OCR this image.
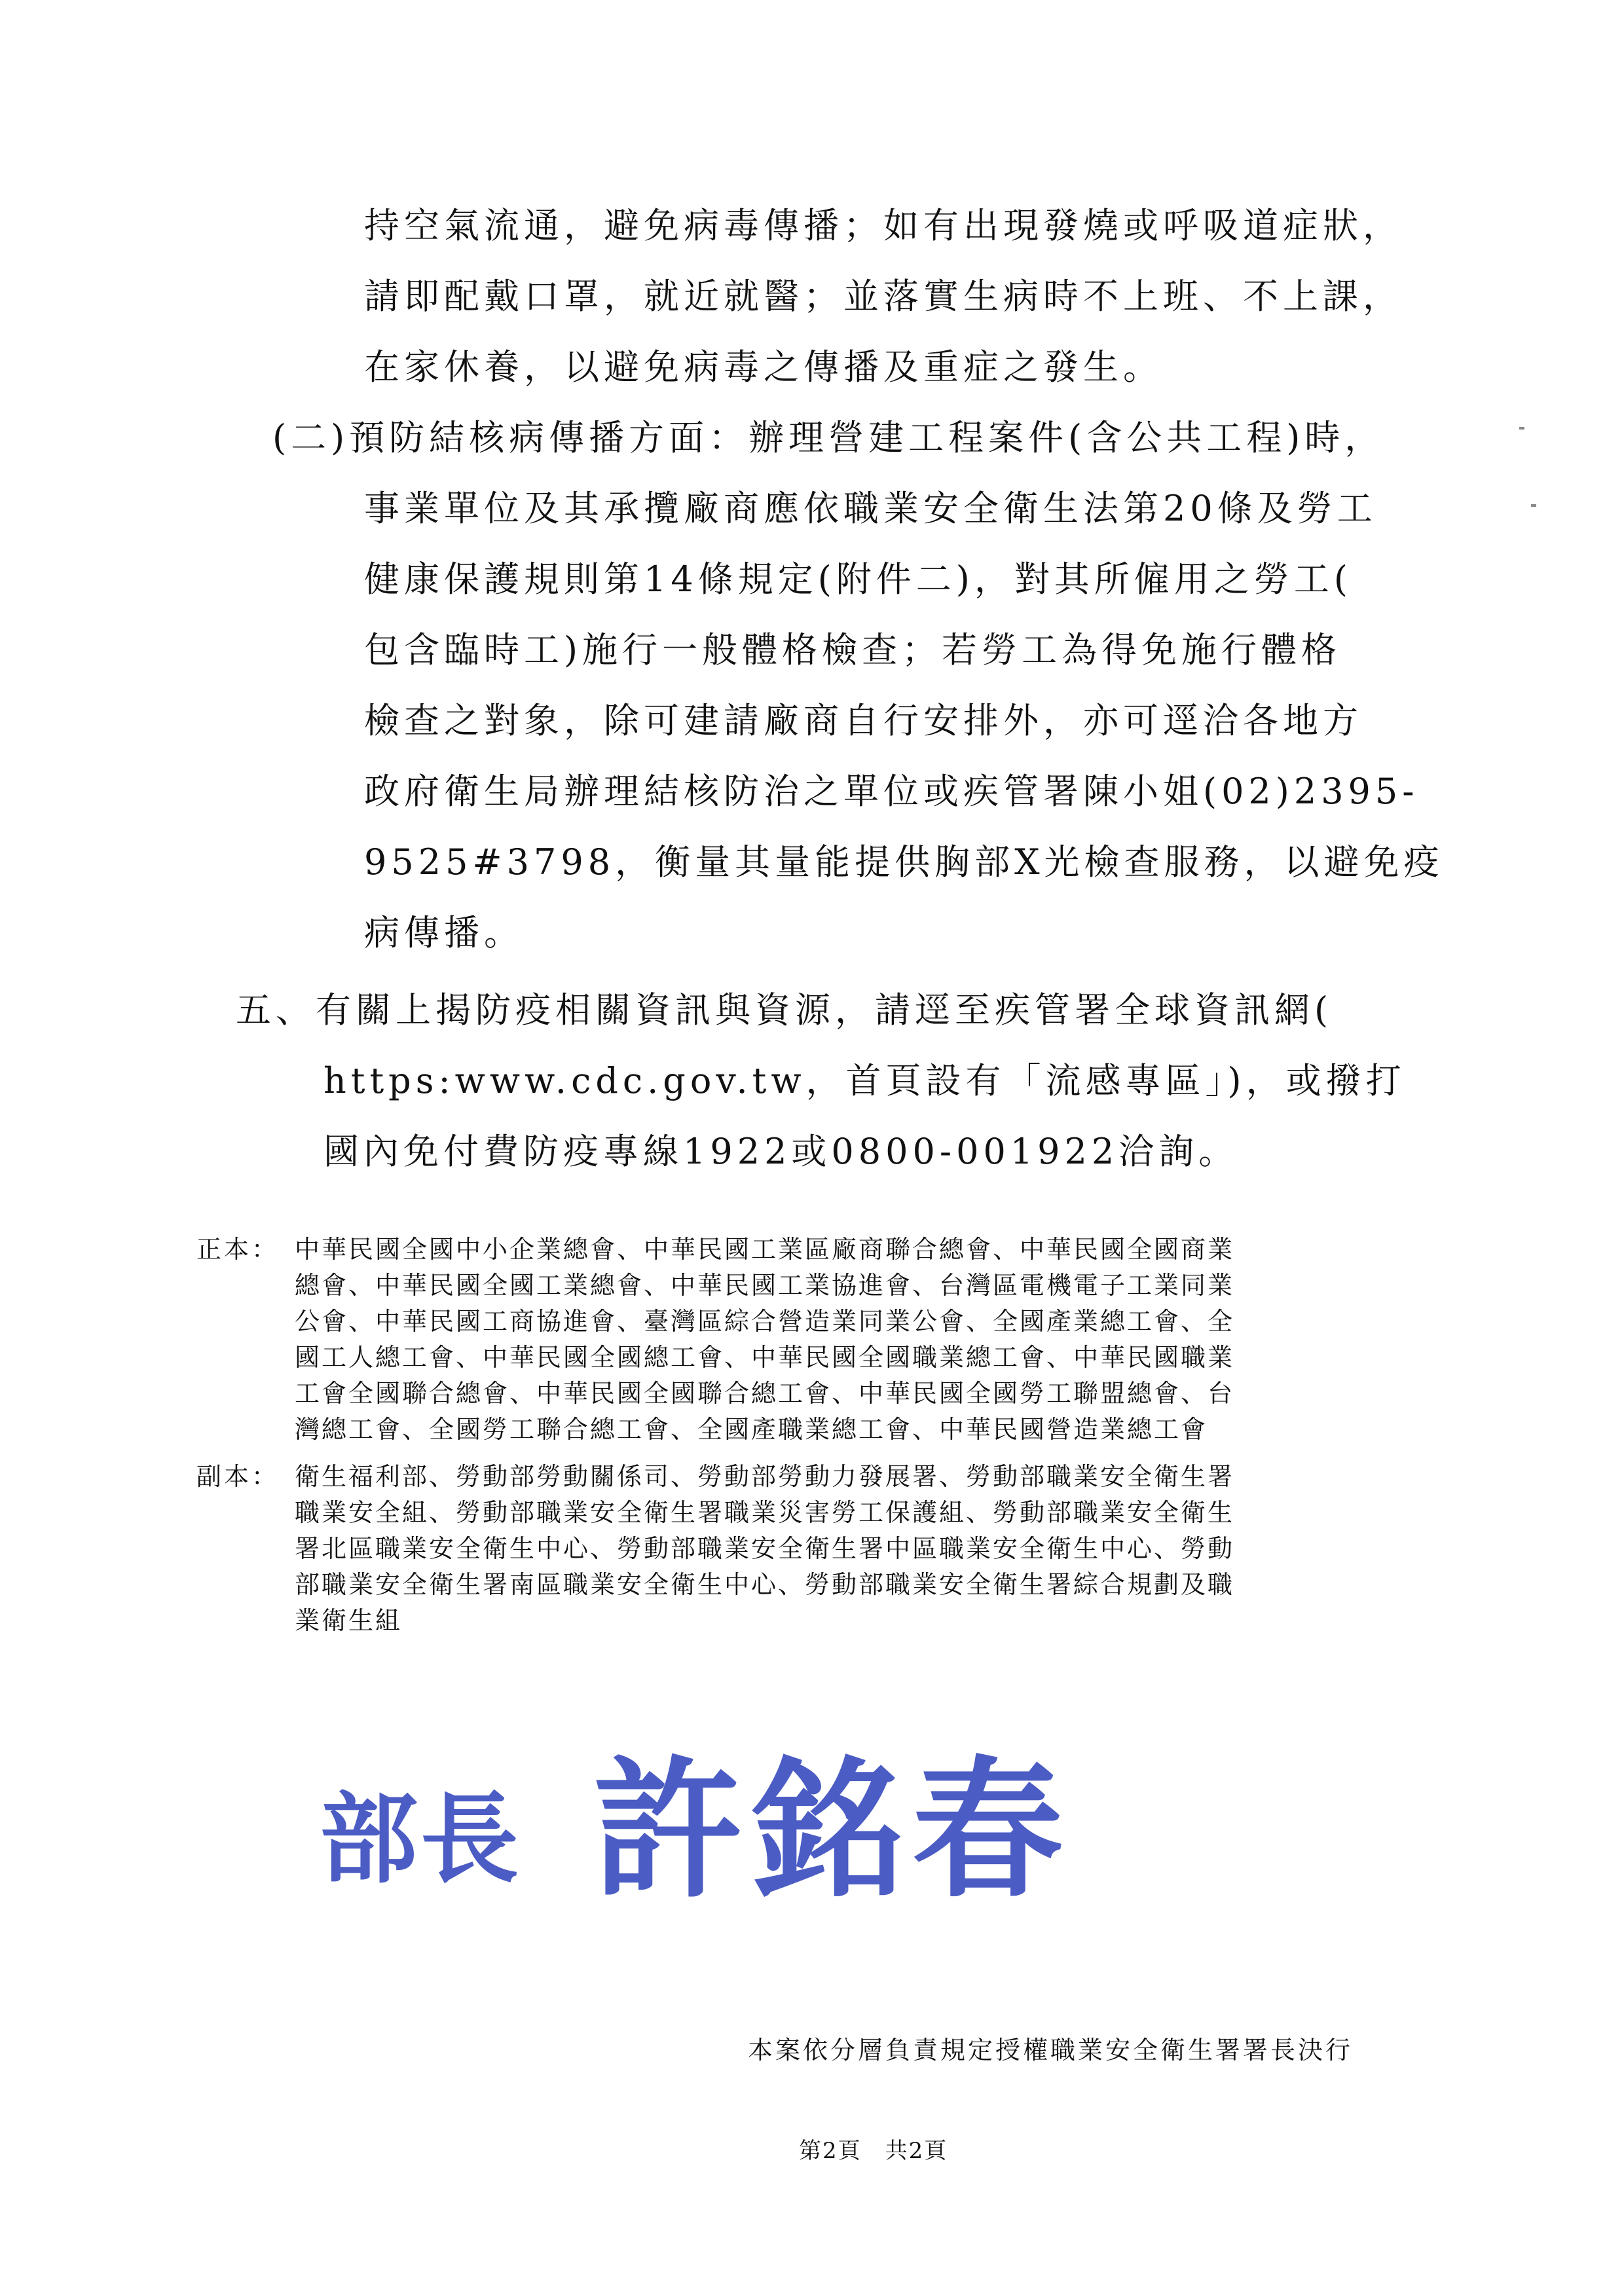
持空氣流通，避免病毒傳播；如有出現發燒或呼吸道症狀，
請即配戴口罩，就近就醫；並落實生病時不上班、不上課，
在家休養，以避免病毒之傳播及重症之發生。
(二)預防結核病傳播方面：辦理營建工程案件(含公共工程)時，
事業單位及其承攬廠商應依職業安全衛生法第20條及勞工
健康保護規則第14條規定(附件二)，對其所僱用之勞工(
包含臨時工)施行一般體格檢查；若勞工為得免施行體格
檢查之對象，除可建請廠商自行安排外，亦可逕洽各地方
政府衛生局辦理結核防治之單位或疾管署陳小姐(02)2395-
9525#3798，衡量其量能提供胸部X光檢查服務，以避免疫
病傳播。
五、有關上揭防疫相關資訊與資源，請逕至疾管署全球資訊網(
https:www.cdc.gov.tw，首頁設有「流感專區」)，或撥打
國內免付費防疫專線1922或0800-001922洽詢。
正本： 中華民國全國中小企業總會、中華民國工業區廠商聯合總會、中華民國全國商業
總會、中華民國全國工業總會、中華民國工業協進會、台灣區電機電子工業同業
公會、中華民國工商協進會、臺灣區綜合營造業同業公會、全國產業總工會、全
國工人總工會、中華民國全國總工會、中華民國全國職業總工會、中華民國職業
工會全國聯合總會、中華民國全國聯合總工會、中華民國全國勞工聯盟總會、台
灣總工會、全國勞工聯合總工會、全國產職業總工會、中華民國營造業總工會
副本： 衛生福利部、勞動部勞動關係司、勞動部勞動力發展署、勞動部職業安全衛生署
職業安全組、勞動部職業安全衛生署職業災害勞工保護組、勞動部職業安全衛生
署北區職業安全衛生中心、勞動部職業安全衛生署中區職業安全衛生中心、勞動
部職業安全衛生署南區職業安全衛生中心、勞動部職業安全衛生署綜合規劃及職
業衛生組
部長 許銘春
本案依分層負責規定授權職業安全衛生署署長決行
第2頁　共2頁
